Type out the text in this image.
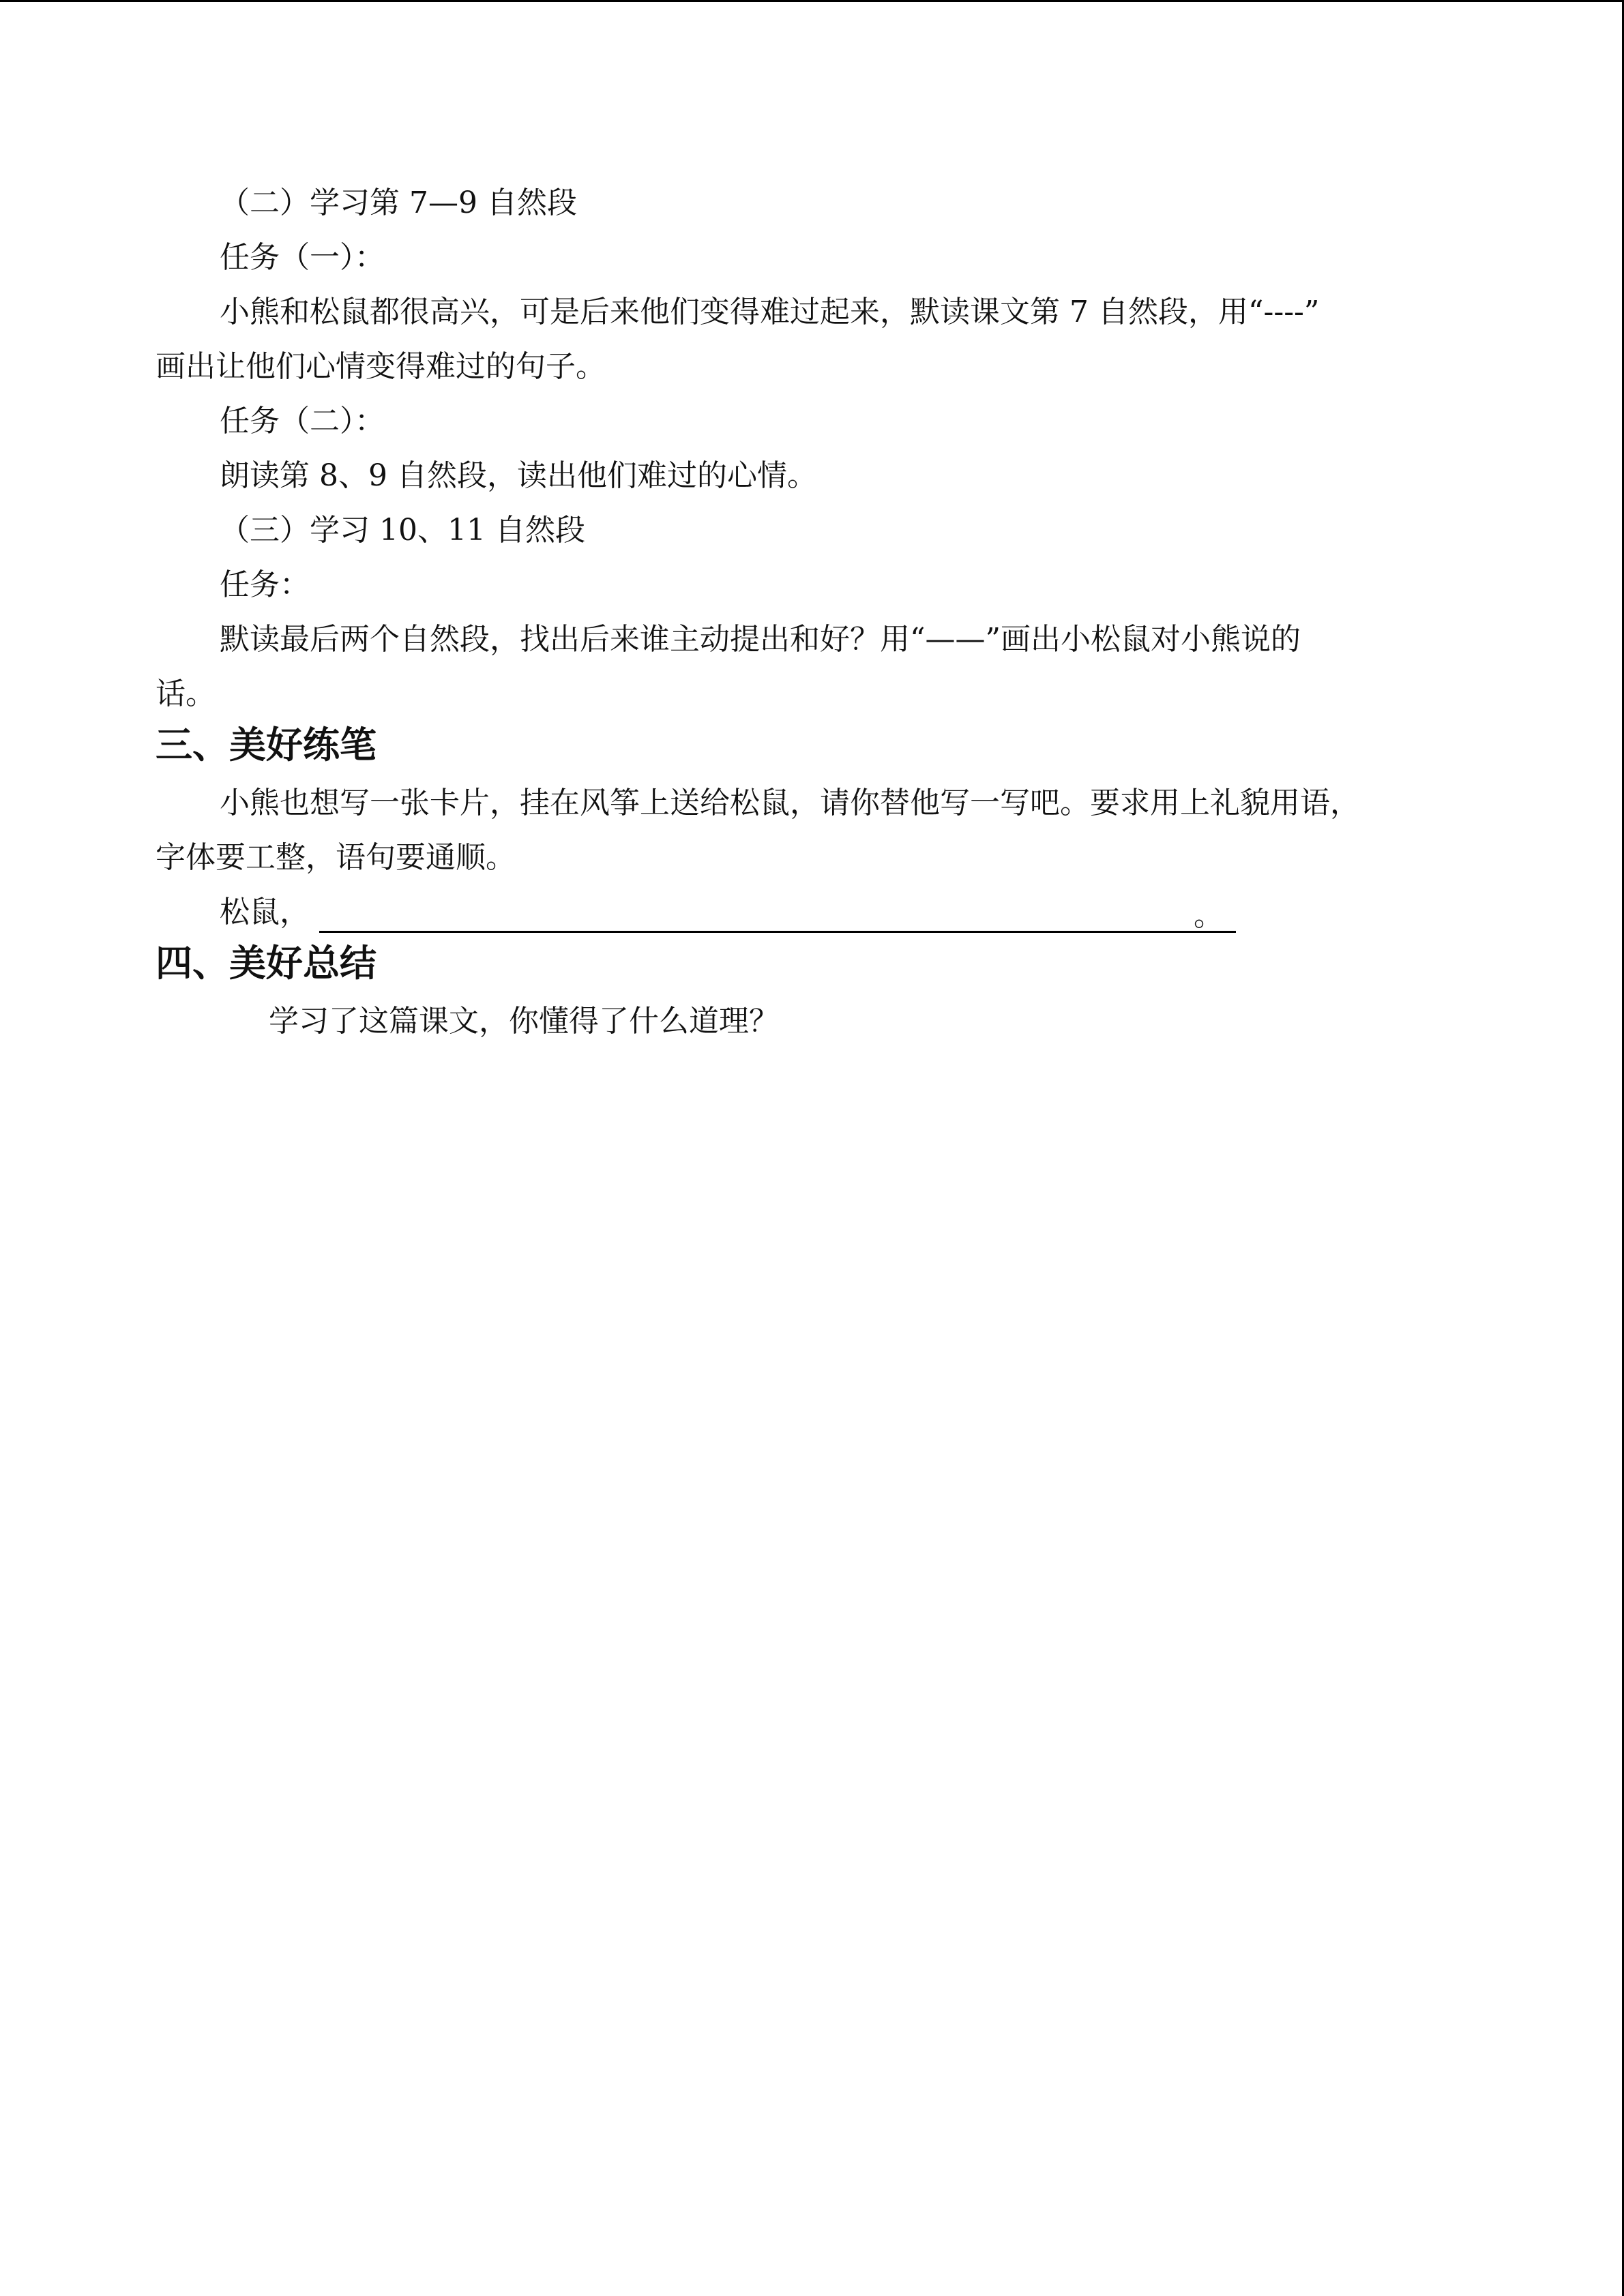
（二）学习第 7—9 自然段

任务（一）：

小熊和松鼠都很高兴，可是后来他们变得难过起来，默读课文第 7 自然段，用“----”

画出让他们心情变得难过的句子。

任务（二）：

朗读第 8、9 自然段，读出他们难过的心情。

（三）学习 10、11 自然段

任务：

默读最后两个自然段，找出后来谁主动提出和好？用“——”画出小松鼠对小熊说的

话。

三、美好练笔

小熊也想写一张卡片，挂在风筝上送给松鼠，请你替他写一写吧。要求用上礼貌用语，

字体要工整，语句要通顺。

松鼠，	。
四、美好总结

学习了这篇课文，你懂得了什么道理？
